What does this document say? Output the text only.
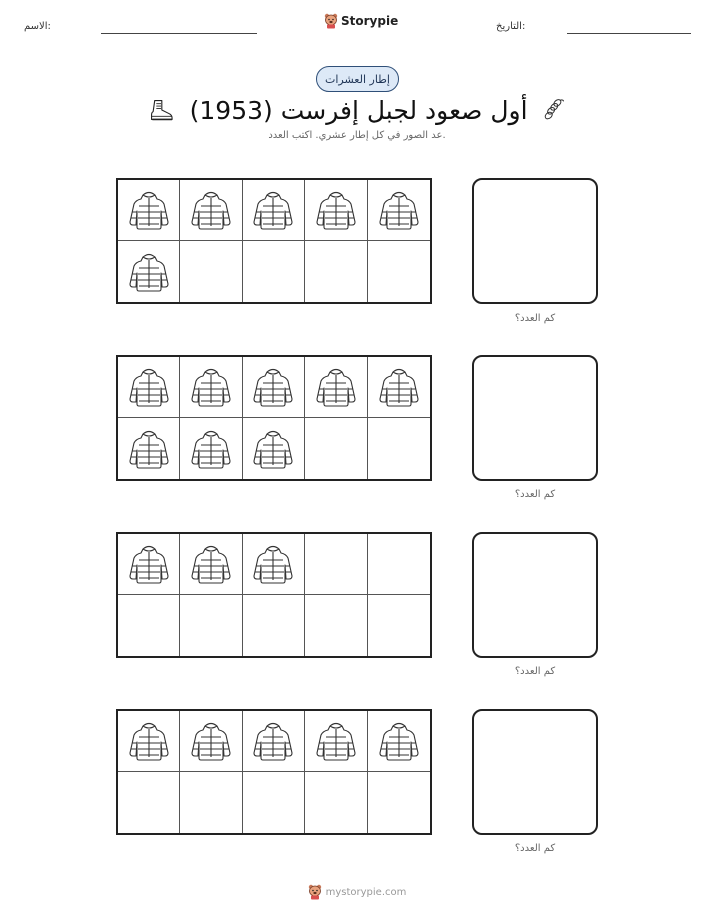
الاسم:	Storypie	التاريخ:
إطار العشرات
أول صعود لجبل إفرست (1953)
عد الصور في كل إطار عشري. اكتب العدد.
كم العدد؟
كم العدد؟
كم العدد؟
كم العدد؟
mystorypie.com
